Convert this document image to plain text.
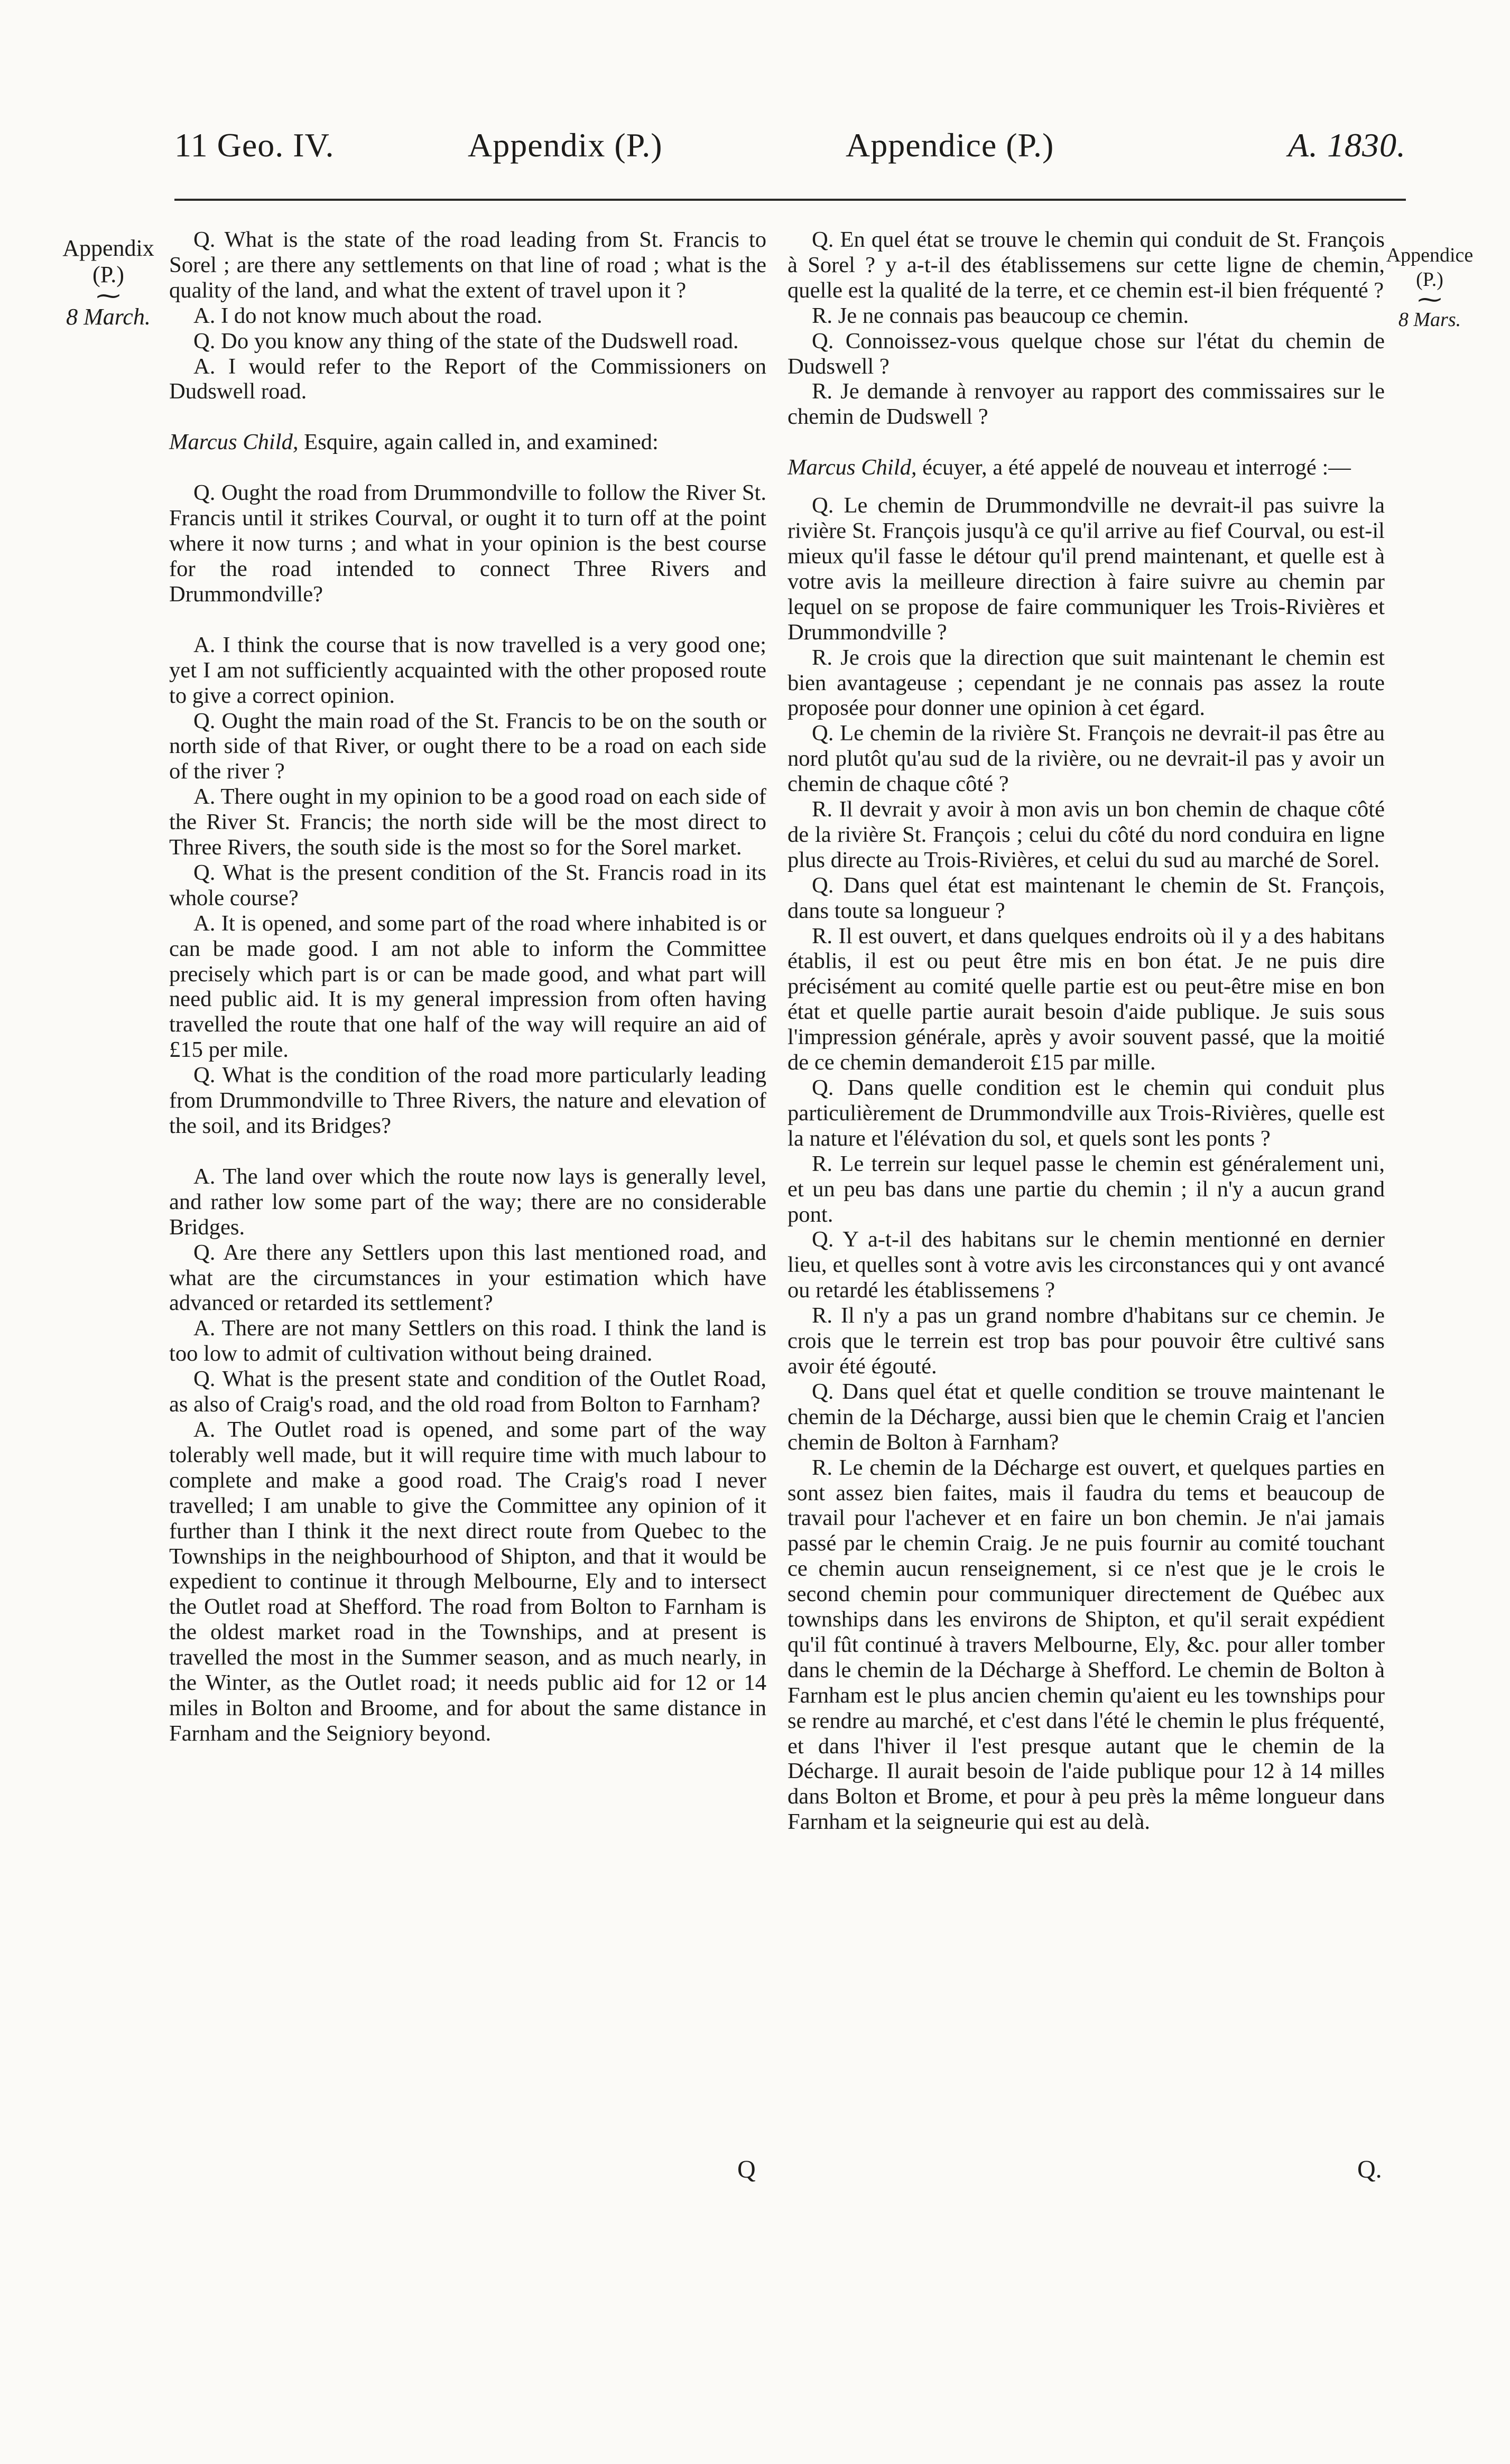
11 Geo. IV.	Appendix (P.)	Appendice (P.)	A. 1830.
Appendix
(P.)
⁓
8 March.
Appendice
(P.)
⁓
8 Mars.

Q. What is the state of the road leading from St. Francis to Sorel ; are there any settlements on that line of road ; what is the quality of the land, and what the extent of travel upon it ?

A. I do not know much about the road.

Q. Do you know any thing of the state of the Dudswell road.

A. I would refer to the Report of the Commissioners on Dudswell road.

Marcus Child, Esquire, again called in, and examined:

Q. Ought the road from Drummondville to follow the River St. Francis until it strikes Courval, or ought it to turn off at the point where it now turns ; and what in your opinion is the best course for the road intended to connect Three Rivers and Drummondville?

A. I think the course that is now travelled is a very good one; yet I am not sufficiently acquainted with the other proposed route to give a correct opinion.

Q. Ought the main road of the St. Francis to be on the south or north side of that River, or ought there to be a road on each side of the river ?

A. There ought in my opinion to be a good road on each side of the River St. Francis; the north side will be the most direct to Three Rivers, the south side is the most so for the Sorel market.

Q. What is the present condition of the St. Francis road in its whole course?

A. It is opened, and some part of the road where inhabited is or can be made good. I am not able to inform the Committee precisely which part is or can be made good, and what part will need public aid. It is my general impression from often having travelled the route that one half of the way will require an aid of £15 per mile.

Q. What is the condition of the road more particularly leading from Drummondville to Three Rivers, the nature and elevation of the soil, and its Bridges?

A. The land over which the route now lays is generally level, and rather low some part of the way; there are no considerable Bridges.

Q. Are there any Settlers upon this last mentioned road, and what are the circumstances in your estimation which have advanced or retarded its settlement?

A. There are not many Settlers on this road. I think the land is too low to admit of cultivation without being drained.

Q. What is the present state and condition of the Outlet Road, as also of Craig's road, and the old road from Bolton to Farnham?

A. The Outlet road is opened, and some part of the way tolerably well made, but it will require time with much labour to complete and make a good road. The Craig's road I never travelled; I am unable to give the Committee any opinion of it further than I think it the next direct route from Quebec to the Townships in the neighbourhood of Shipton, and that it would be expedient to continue it through Melbourne, Ely and to intersect the Outlet road at Shefford. The road from Bolton to Farnham is the oldest market road in the Townships, and at present is travelled the most in the Summer season, and as much nearly, in the Winter, as the Outlet road; it needs public aid for 12 or 14 miles in Bolton and Broome, and for about the same distance in Farnham and the Seigniory beyond.

Q. En quel état se trouve le chemin qui conduit de St. François à Sorel ? y a-t-il des établissemens sur cette ligne de chemin, quelle est la qualité de la terre, et ce chemin est-il bien fréquenté ?

R. Je ne connais pas beaucoup ce chemin.

Q. Connoissez-vous quelque chose sur l'état du chemin de Dudswell ?

R. Je demande à renvoyer au rapport des commissaires sur le chemin de Dudswell ?

Marcus Child, écuyer, a été appelé de nouveau et interrogé :—

Q. Le chemin de Drummondville ne devrait-il pas suivre la rivière St. François jusqu'à ce qu'il arrive au fief Courval, ou est-il mieux qu'il fasse le détour qu'il prend maintenant, et quelle est à votre avis la meilleure direction à faire suivre au chemin par lequel on se propose de faire communiquer les Trois-Rivières et Drummondville ?

R. Je crois que la direction que suit maintenant le chemin est bien avantageuse ; cependant je ne connais pas assez la route proposée pour donner une opinion à cet égard.

Q. Le chemin de la rivière St. François ne devrait-il pas être au nord plutôt qu'au sud de la rivière, ou ne devrait-il pas y avoir un chemin de chaque côté ?

R. Il devrait y avoir à mon avis un bon chemin de chaque côté de la rivière St. François ; celui du côté du nord conduira en ligne plus directe au Trois-Rivières, et celui du sud au marché de Sorel.

Q. Dans quel état est maintenant le chemin de St. François, dans toute sa longueur ?

R. Il est ouvert, et dans quelques endroits où il y a des habitans établis, il est ou peut être mis en bon état. Je ne puis dire précisément au comité quelle partie est ou peut-être mise en bon état et quelle partie aurait besoin d'aide publique. Je suis sous l'impression générale, après y avoir souvent passé, que la moitié de ce chemin demanderoit £15 par mille.

Q. Dans quelle condition est le chemin qui conduit plus particulièrement de Drummondville aux Trois-Rivières, quelle est la nature et l'élévation du sol, et quels sont les ponts ?

R. Le terrein sur lequel passe le chemin est généralement uni, et un peu bas dans une partie du chemin ; il n'y a aucun grand pont.

Q. Y a-t-il des habitans sur le chemin mentionné en dernier lieu, et quelles sont à votre avis les circonstances qui y ont avancé ou retardé les établissemens ?

R. Il n'y a pas un grand nombre d'habitans sur ce chemin. Je crois que le terrein est trop bas pour pouvoir être cultivé sans avoir été égouté.

Q. Dans quel état et quelle condition se trouve maintenant le chemin de la Décharge, aussi bien que le chemin Craig et l'ancien chemin de Bolton à Farnham?

R. Le chemin de la Décharge est ouvert, et quelques parties en sont assez bien faites, mais il faudra du tems et beaucoup de travail pour l'achever et en faire un bon chemin. Je n'ai jamais passé par le chemin Craig. Je ne puis fournir au comité touchant ce chemin aucun renseignement, si ce n'est que je le crois le second chemin pour communiquer directement de Québec aux townships dans les environs de Shipton, et qu'il serait expédient qu'il fût continué à travers Melbourne, Ely, &c. pour aller tomber dans le chemin de la Décharge à Shefford. Le chemin de Bolton à Farnham est le plus ancien chemin qu'aient eu les townships pour se rendre au marché, et c'est dans l'été le chemin le plus fréquenté, et dans l'hiver il l'est presque autant que le chemin de la Décharge. Il aurait besoin de l'aide publique pour 12 à 14 milles dans Bolton et Brome, et pour à peu près la même longueur dans Farnham et la seigneurie qui est au delà.

Q	Q.
